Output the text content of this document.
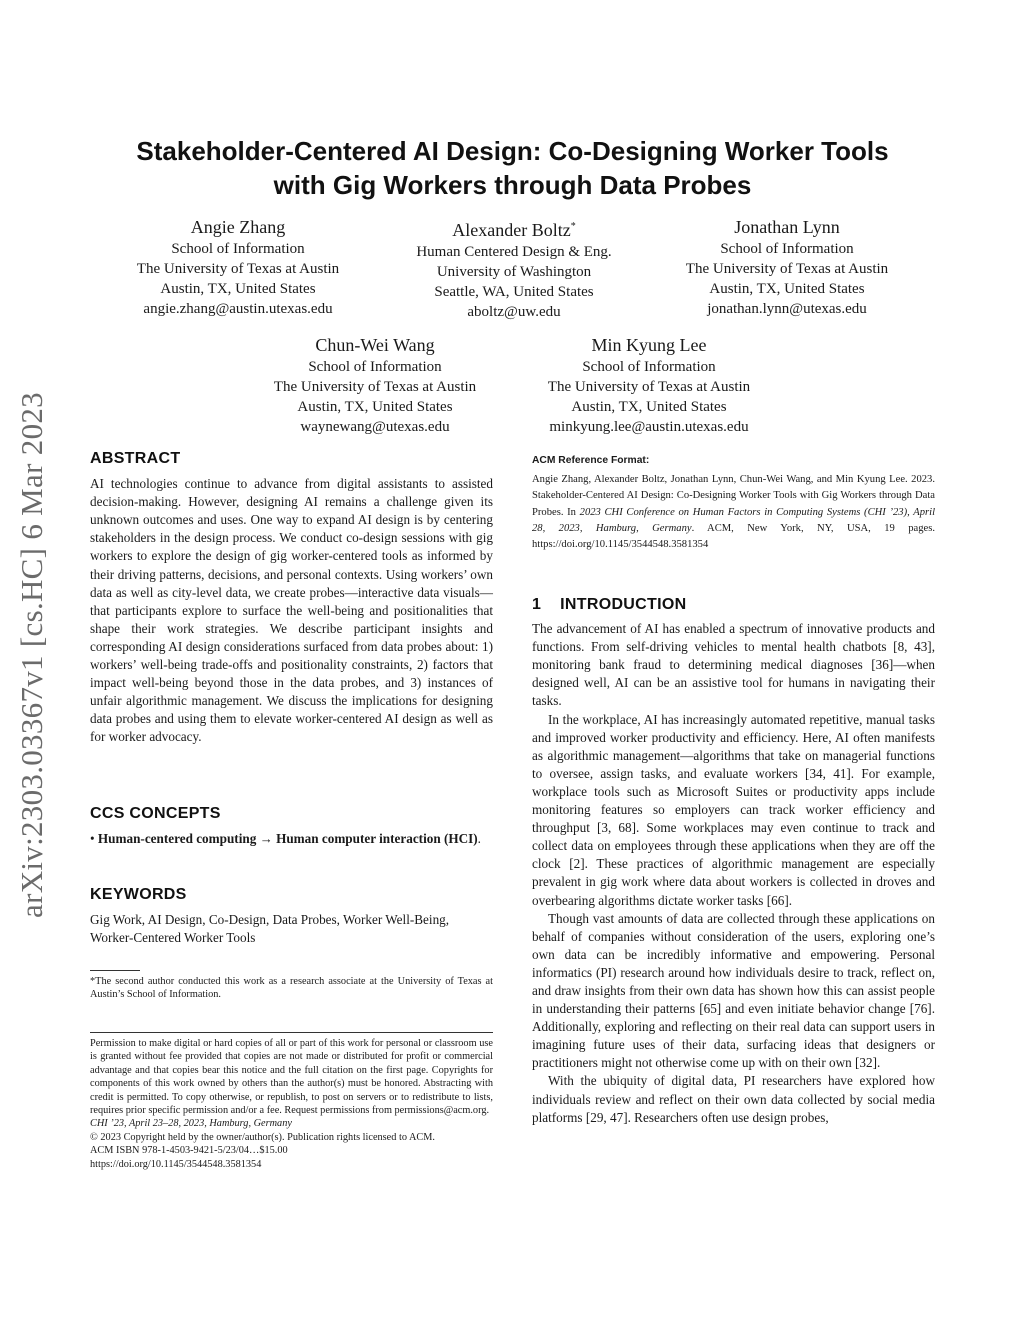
arXiv:2303.03367v1 [cs.HC] 6 Mar 2023
Stakeholder-Centered AI Design: Co-Designing Worker Tools
with Gig Workers through Data Probes
Angie Zhang
School of Information
The University of Texas at Austin
Austin, TX, United States
angie.zhang@austin.utexas.edu
Alexander Boltz*
Human Centered Design & Eng.
University of Washington
Seattle, WA, United States
aboltz@uw.edu
Jonathan Lynn
School of Information
The University of Texas at Austin
Austin, TX, United States
jonathan.lynn@utexas.edu
Chun-Wei Wang
School of Information
The University of Texas at Austin
Austin, TX, United States
waynewang@utexas.edu
Min Kyung Lee
School of Information
The University of Texas at Austin
Austin, TX, United States
minkyung.lee@austin.utexas.edu
ABSTRACT

AI technologies continue to advance from digital assistants to assisted decision-making. However, designing AI remains a challenge given its unknown outcomes and uses. One way to expand AI design is by centering stakeholders in the design process. We conduct co-design sessions with gig workers to explore the design of gig worker-centered tools as informed by their driving patterns, decisions, and personal contexts. Using workers’ own data as well as city-level data, we create probes—interactive data visuals—that participants explore to surface the well-being and positionalities that shape their work strategies. We describe participant insights and corresponding AI design considerations surfaced from data probes about: 1) workers’ well-being trade-offs and positionality constraints, 2) factors that impact well-being beyond those in the data probes, and 3) instances of unfair algorithmic management. We discuss the implications for designing data probes and using them to elevate worker-centered AI design as well as for worker advocacy.

CCS CONCEPTS

• Human-centered computing → Human computer interaction (HCI).

KEYWORDS

Gig Work, AI Design, Co-Design, Data Probes, Worker Well-Being, Worker-Centered Worker Tools

*The second author conducted this work as a research associate at the University of Texas at Austin’s School of Information.

Permission to make digital or hard copies of all or part of this work for personal or classroom use is granted without fee provided that copies are not made or distributed for profit or commercial advantage and that copies bear this notice and the full citation on the first page. Copyrights for components of this work owned by others than the author(s) must be honored. Abstracting with credit is permitted. To copy otherwise, or republish, to post on servers or to redistribute to lists, requires prior specific permission and/or a fee. Request permissions from permissions@acm.org.

CHI ’23, April 23–28, 2023, Hamburg, Germany

© 2023 Copyright held by the owner/author(s). Publication rights licensed to ACM.

ACM ISBN 978-1-4503-9421-5/23/04…$15.00

https://doi.org/10.1145/3544548.3581354

ACM Reference Format:

Angie Zhang, Alexander Boltz, Jonathan Lynn, Chun-Wei Wang, and Min Kyung Lee. 2023. Stakeholder-Centered AI Design: Co-Designing Worker Tools with Gig Workers through Data Probes. In 2023 CHI Conference on Human Factors in Computing Systems (CHI ’23), April 28, 2023, Hamburg, Germany. ACM, New York, NY, USA, 19 pages. https://doi.org/10.1145/3544548.3581354

1    INTRODUCTION

The advancement of AI has enabled a spectrum of innovative products and functions. From self-driving vehicles to mental health chatbots [8, 43], monitoring bank fraud to determining medical diagnoses [36]—when designed well, AI can be an assistive tool for humans in navigating their tasks.

In the workplace, AI has increasingly automated repetitive, manual tasks and improved worker productivity and efficiency. Here, AI often manifests as algorithmic management—algorithms that take on managerial functions to oversee, assign tasks, and evaluate workers [34, 41]. For example, workplace tools such as Microsoft Suites or productivity apps include monitoring features so employers can track worker efficiency and throughput [3, 68]. Some workplaces may even continue to track and collect data on employees through these applications when they are off the clock [2]. These practices of algorithmic management are especially prevalent in gig work where data about workers is collected in droves and overbearing algorithms dictate worker tasks [66].

Though vast amounts of data are collected through these applications on behalf of companies without consideration of the users, exploring one’s own data can be incredibly informative and empowering. Personal informatics (PI) research around how individuals desire to track, reflect on, and draw insights from their own data has shown how this can assist people in understanding their patterns [65] and even initiate behavior change [76]. Additionally, exploring and reflecting on their real data can support users in imagining future uses of their data, surfacing ideas that designers or practitioners might not otherwise come up with on their own [32].

With the ubiquity of digital data, PI researchers have explored how individuals review and reflect on their own data collected by social media platforms [29, 47]. Researchers often use design probes,
